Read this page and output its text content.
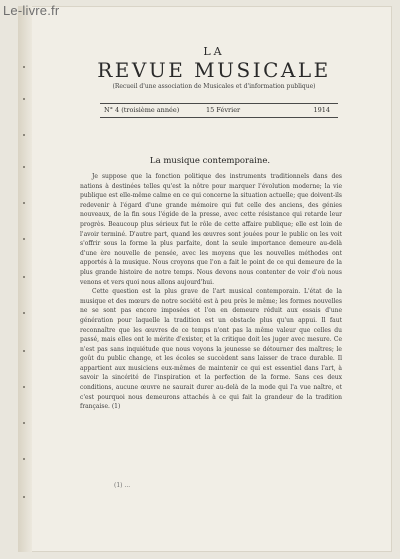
Le-livre.fr
LA
REVUE MUSICALE
(Recueil d'une association de Musicales et d'information publique)
N° 4 (troisième année)	15 Février	1914
La musique contemporaine.

Je suppose que la fonction politique des instruments traditionnels dans des nations à destinées telles qu'est la nôtre pour marquer l'évolution moderne; la vie publique est elle-même calme en ce qui concerne la situation actuelle; que doivent-ils redevenir à l'égard d'une grande mémoire qui fut celle des anciens, des génies nouveaux, de la fin sous l'égide de la presse, avec cette résistance qui retarde leur progrès. Beaucoup plus sérieux fut le rôle de cette affaire publique; elle est loin de l'avoir terminé. D'autre part, quand les œuvres sont jouées pour le public on les voit s'offrir sous la forme la plus parfaite, dont la seule importance demeure au-delà d'une ère nouvelle de pensée, avec les moyens que les nouvelles méthodes ont apportés à la musique. Nous croyons que l'on a fait le point de ce qui demeure de la plus grande histoire de notre temps. Nous devons nous contenter de voir d'où nous venons et vers quoi nous allons aujourd'hui.

Cette question est la plus grave de l'art musical contemporain. L'état de la musique et des mœurs de notre société est à peu près le même; les formes nouvelles ne se sont pas encore imposées et l'on en demeure réduit aux essais d'une génération pour laquelle la tradition est un obstacle plus qu'un appui. Il faut reconnaître que les œuvres de ce temps n'ont pas la même valeur que celles du passé, mais elles ont le mérite d'exister, et la critique doit les juger avec mesure. Ce n'est pas sans inquiétude que nous voyons la jeunesse se détourner des maîtres; le goût du public change, et les écoles se succèdent sans laisser de trace durable. Il appartient aux musiciens eux-mêmes de maintenir ce qui est essentiel dans l'art, à savoir la sincérité de l'inspiration et la perfection de la forme. Sans ces deux conditions, aucune œuvre ne saurait durer au-delà de la mode qui l'a vue naître, et c'est pourquoi nous demeurons attachés à ce qui fait la grandeur de la tradition française. (1)

(1) ...
